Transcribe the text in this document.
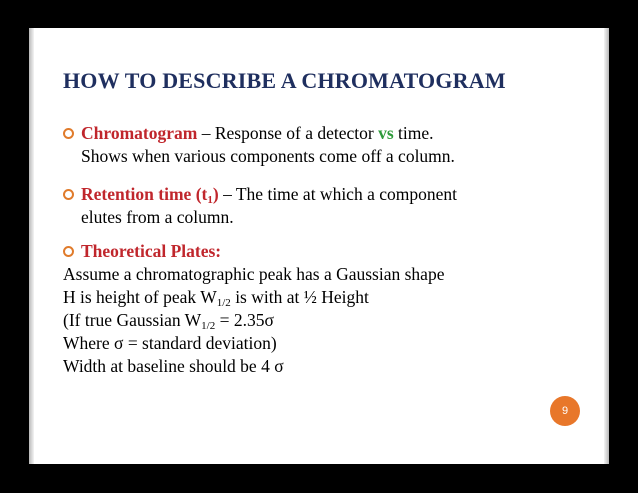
HOW TO DESCRIBE A CHROMATOGRAM
Chromatogram – Response of a detector vs time.
Shows when various components come off a column.
Retention time $(t_1)$ – The time at which a component
elutes from a column.
Theoretical Plates:

Assume a chromatographic peak has a Gaussian shape

H is height of peak $W_{1/2}$ is with at ½ Height

(If true Gaussian $W_{1/2} = 2.35\sigma$

Where σ = standard deviation)

Width at baseline should be 4 σ

9
